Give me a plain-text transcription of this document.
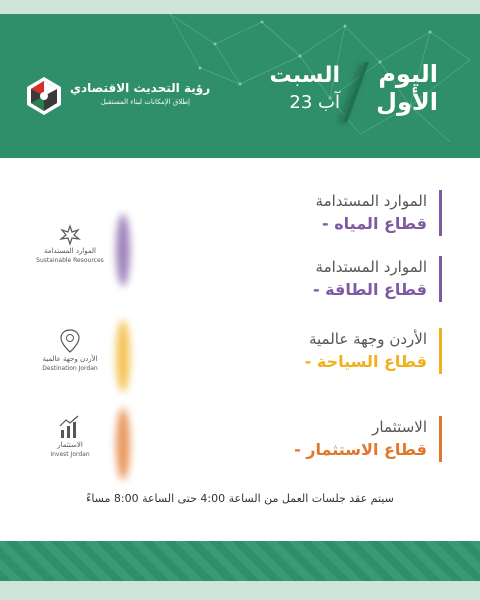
اليوم
الأول
السبت
23 آب
رؤية التحديث الاقتصادي
إطلاق الإمكانات لبناء المستقبل
الموارد المستدامة
- قطاع المياه
الموارد المستدامة
- قطاع الطاقة
الأردن وجهة عالمية
- قطاع السياحة
الاستثمار
- قطاع الاستثمار
الموارد المستدامة
Sustainable Resources
الأردن وجهة عالمية
Destination Jordan
الاستثمار
Invest Jordan
سيتم عقد جلسات العمل من الساعة 4:00 حتى الساعة 8:00 مساءً
